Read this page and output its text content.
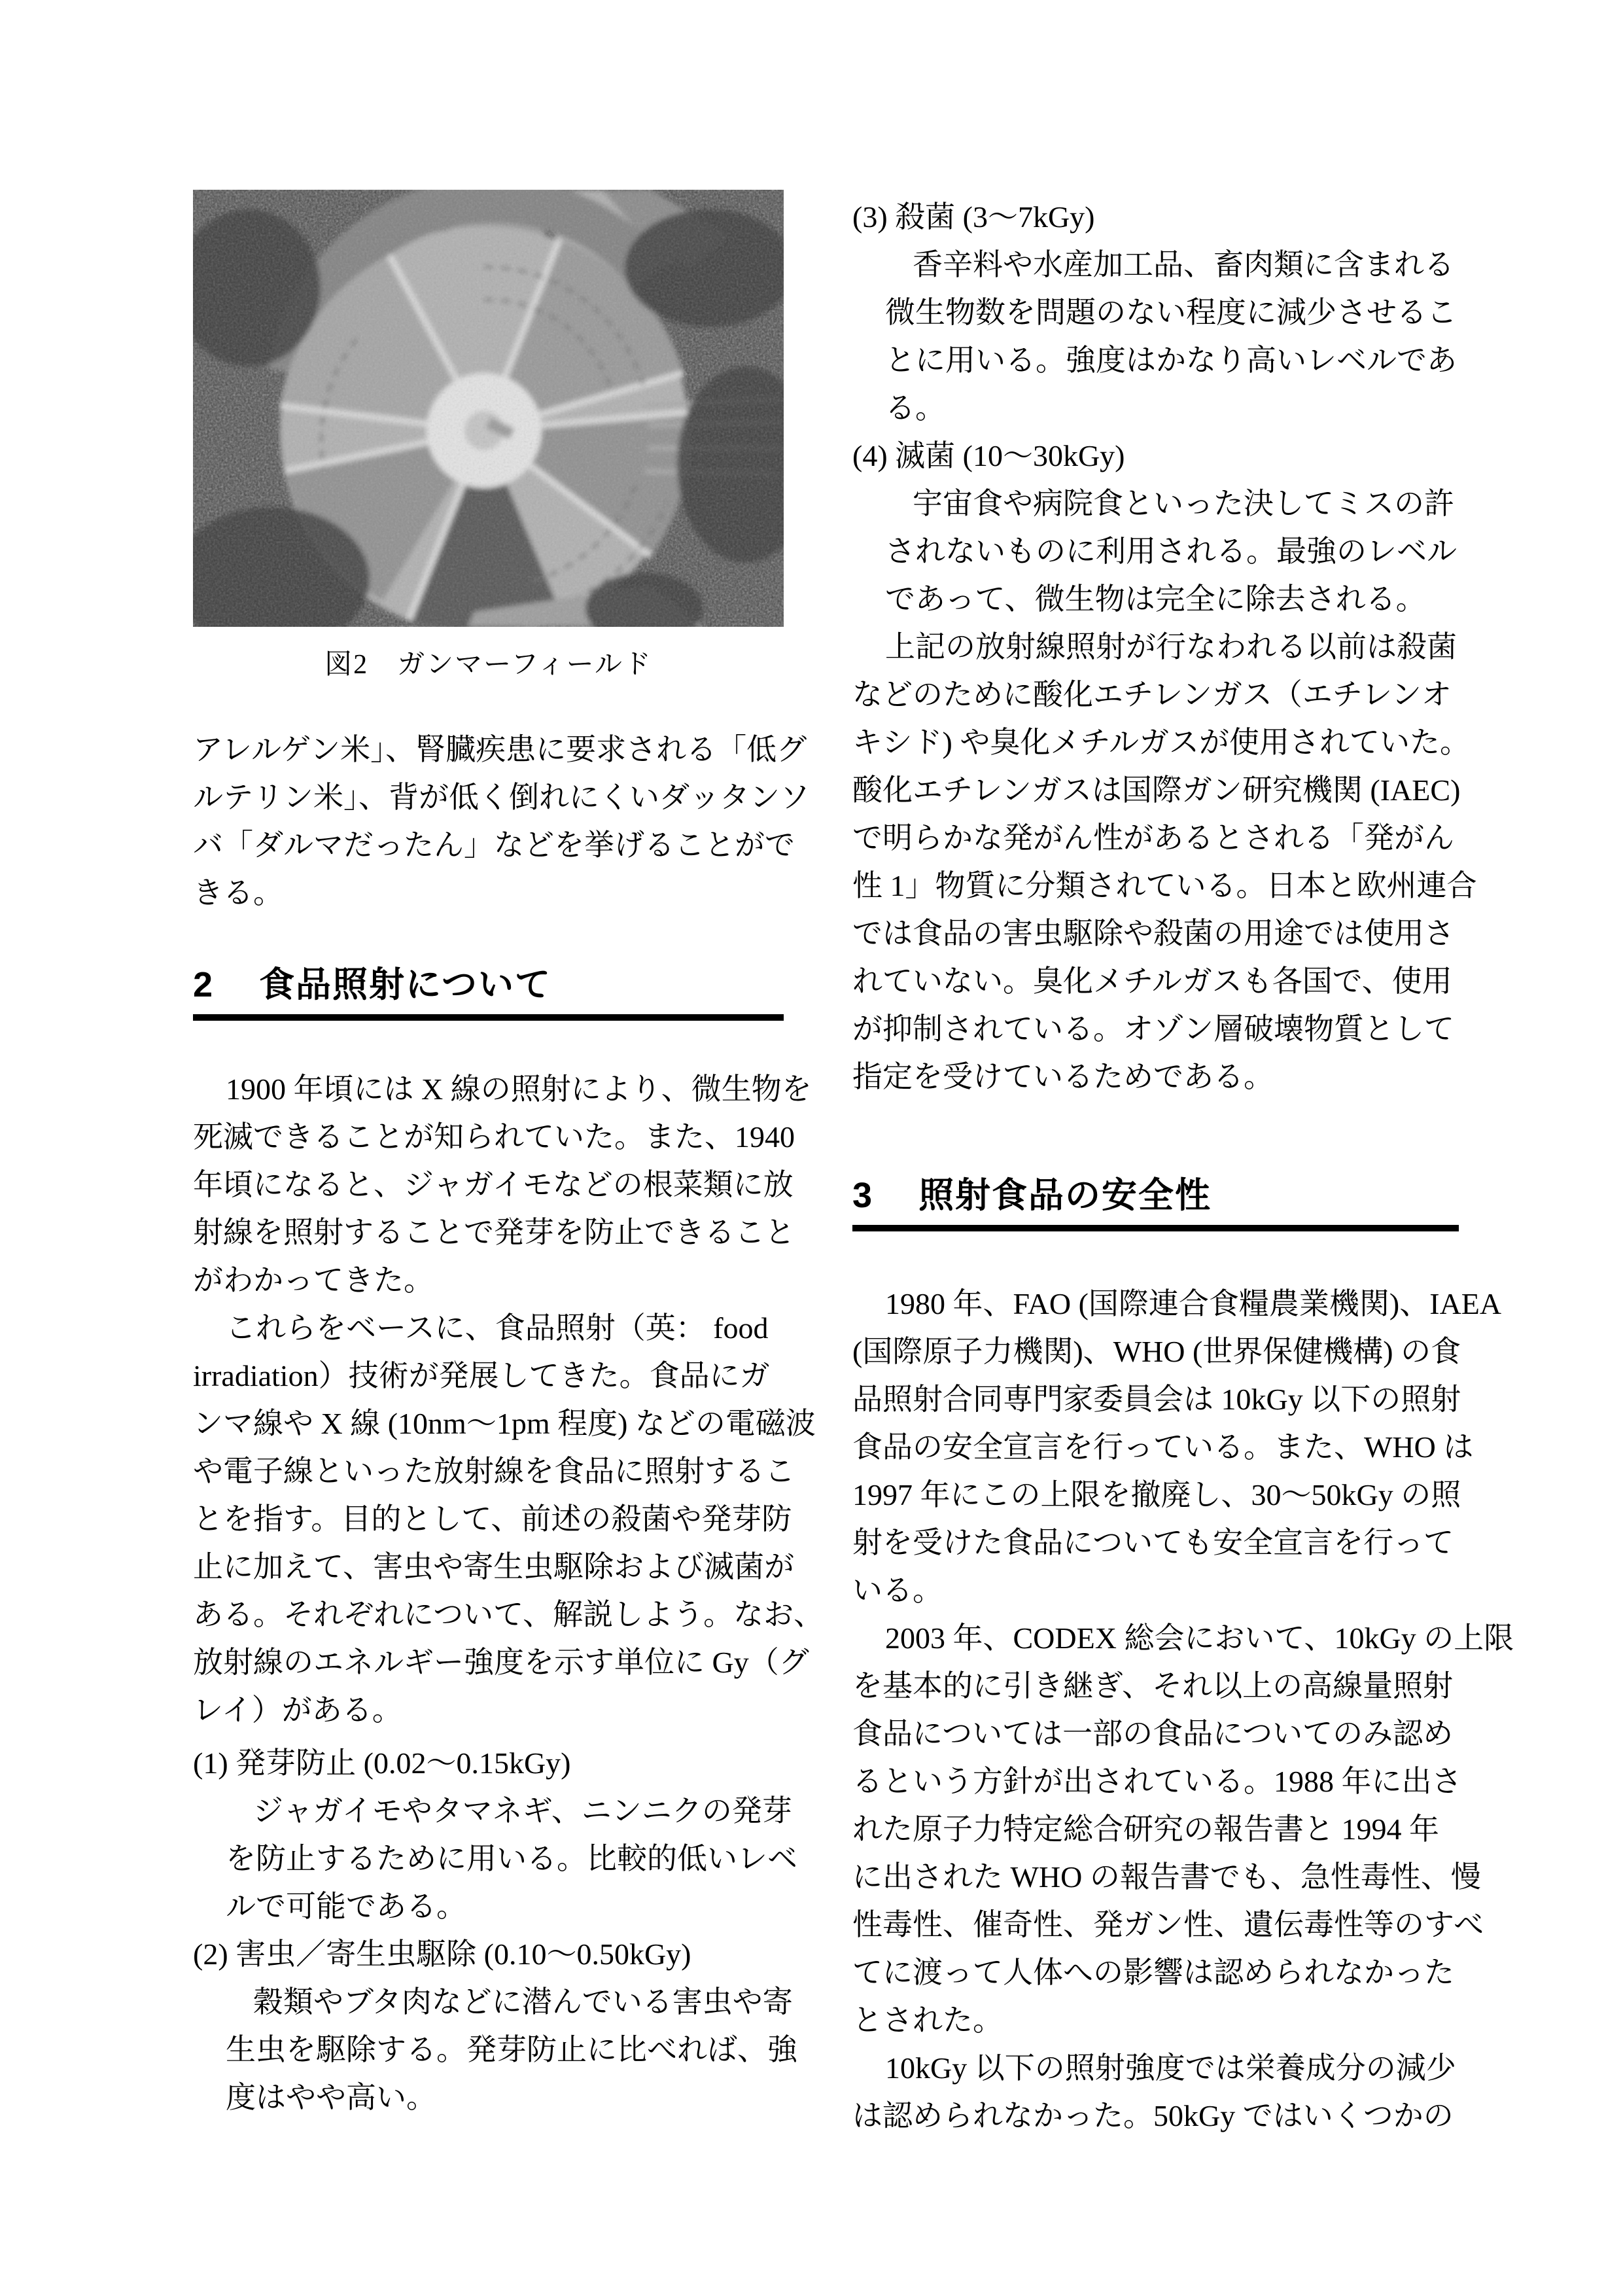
図2　ガンマーフィールド
アレルゲン米」、腎臓疾患に要求される「低グ
ルテリン米」、背が低く倒れにくいダッタンソ
バ「ダルマだったん」などを挙げることがで
きる。
2 食品照射について
1900 年頃には X 線の照射により、微生物を
死滅できることが知られていた。また、1940
年頃になると、ジャガイモなどの根菜類に放
射線を照射することで発芽を防止できること
がわかってきた。
これらをベースに、食品照射（英： food
irradiation）技術が発展してきた。食品にガ
ンマ線や X 線 (10nm～1pm 程度) などの電磁波
や電子線といった放射線を食品に照射するこ
とを指す。目的として、前述の殺菌や発芽防
止に加えて、害虫や寄生虫駆除および滅菌が
ある。それぞれについて、解説しよう。なお、
放射線のエネルギー強度を示す単位に Gy（グ
レイ）がある。
(1) 発芽防止 (0.02～0.15kGy)
ジャガイモやタマネギ、ニンニクの発芽
を防止するために用いる。比較的低いレベ
ルで可能である。
(2) 害虫／寄生虫駆除 (0.10～0.50kGy)
穀類やブタ肉などに潜んでいる害虫や寄
生虫を駆除する。発芽防止に比べれば、強
度はやや高い。
(3) 殺菌 (3～7kGy)
香辛料や水産加工品、畜肉類に含まれる
微生物数を問題のない程度に減少させるこ
とに用いる。強度はかなり高いレベルであ
る。
(4) 滅菌 (10～30kGy)
宇宙食や病院食といった決してミスの許
されないものに利用される。最強のレベル
であって、微生物は完全に除去される。
上記の放射線照射が行なわれる以前は殺菌
などのために酸化エチレンガス（エチレンオ
キシド) や臭化メチルガスが使用されていた。
酸化エチレンガスは国際ガン研究機関 (IAEC)
で明らかな発がん性があるとされる「発がん
性 1」物質に分類されている。日本と欧州連合
では食品の害虫駆除や殺菌の用途では使用さ
れていない。臭化メチルガスも各国で、使用
が抑制されている。オゾン層破壊物質として
指定を受けているためである。
3 照射食品の安全性
1980 年、FAO (国際連合食糧農業機関)、IAEA
(国際原子力機関)、WHO (世界保健機構) の食
品照射合同専門家委員会は 10kGy 以下の照射
食品の安全宣言を行っている。また、WHO は
1997 年にこの上限を撤廃し、30～50kGy の照
射を受けた食品についても安全宣言を行って
いる。
2003 年、CODEX 総会において、10kGy の上限
を基本的に引き継ぎ、それ以上の高線量照射
食品については一部の食品についてのみ認め
るという方針が出されている。1988 年に出さ
れた原子力特定総合研究の報告書と 1994 年
に出された WHO の報告書でも、急性毒性、慢
性毒性、催奇性、発ガン性、遺伝毒性等のすべ
てに渡って人体への影響は認められなかった
とされた。
10kGy 以下の照射強度では栄養成分の減少
は認められなかった。50kGy ではいくつかの
